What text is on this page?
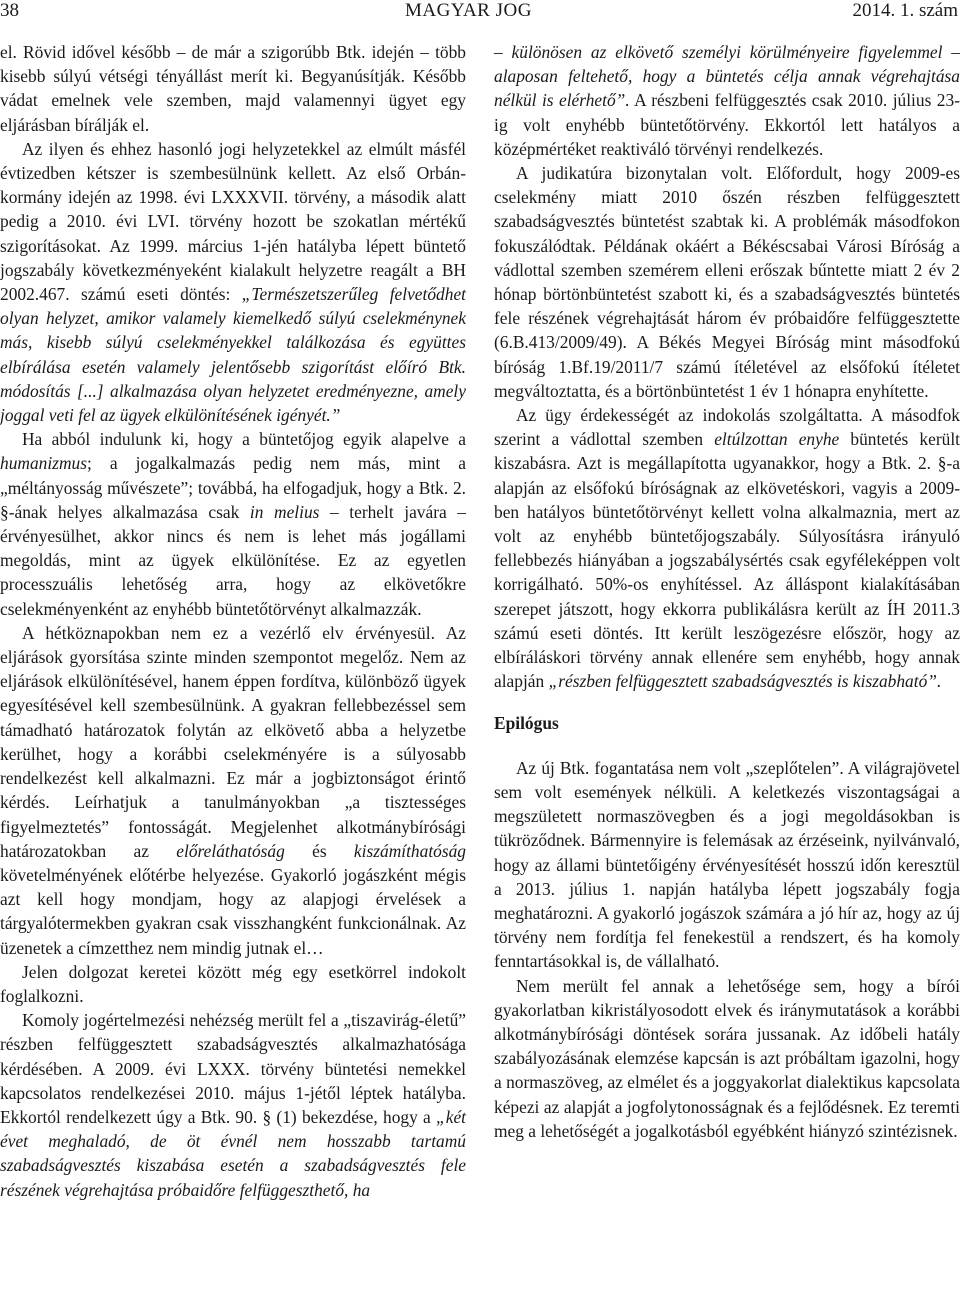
38	MAGYAR JOG	2014. 1. szám

el. Rövid idővel később – de már a szigorúbb Btk. idején – több kisebb súlyú vétségi tényállást merít ki. Begyanúsítják. Később vádat emelnek vele szemben, majd valamennyi ügyet egy eljárásban bírálják el.

Az ilyen és ehhez hasonló jogi helyzetekkel az elmúlt másfél évtizedben kétszer is szembesülnünk kellett. Az első Orbán-kormány idején az 1998. évi LXXXVII. törvény, a második alatt pedig a 2010. évi LVI. törvény hozott be szokatlan mértékű szigorításokat. Az 1999. március 1-jén hatályba lépett büntető jogszabály következményeként kialakult helyzetre reagált a BH 2002.467. számú eseti döntés: „Természetszerűleg felvetődhet olyan helyzet, amikor valamely kiemelkedő súlyú cselekménynek más, kisebb súlyú cselekményekkel találkozása és együttes elbírálása esetén valamely jelentősebb szigorítást előíró Btk. módosítás [...] alkalmazása olyan helyzetet eredményezne, amely joggal veti fel az ügyek elkülönítésének igényét.”

Ha abból indulunk ki, hogy a büntetőjog egyik alapelve a humanizmus; a jogalkalmazás pedig nem más, mint a „méltányosság művészete”; továbbá, ha elfogadjuk, hogy a Btk. 2. §-ának helyes alkalmazása csak in melius – terhelt javára – érvényesülhet, akkor nincs és nem is lehet más jogállami megoldás, mint az ügyek elkülönítése. Ez az egyetlen processzuális lehetőség arra, hogy az elkövetőkre cselekményenként az enyhébb büntetőtörvényt alkalmazzák.

A hétköznapokban nem ez a vezérlő elv érvényesül. Az eljárások gyorsítása szinte minden szempontot megelőz. Nem az eljárások elkülönítésével, hanem éppen fordítva, különböző ügyek egyesítésével kell szembesülnünk. A gyakran fellebbezéssel sem támadható határozatok folytán az elkövető abba a helyzetbe kerülhet, hogy a korábbi cselekményére is a súlyosabb rendelkezést kell alkalmazni. Ez már a jogbiztonságot érintő kérdés. Leírhatjuk a tanulmányokban „a tisztességes figyelmeztetés” fontosságát. Megjelenhet alkotmánybírósági határozatokban az előreláthatóság és kiszámíthatóság követelményének előtérbe helyezése. Gyakorló jogászként mégis azt kell hogy mondjam, hogy az alapjogi érvelések a tárgyalótermekben gyakran csak visszhangként funkcionálnak. Az üzenetek a címzetthez nem mindig jutnak el…

Jelen dolgozat keretei között még egy esetkörrel indokolt foglalkozni.

Komoly jogértelmezési nehézség merült fel a „tiszavirág-életű” részben felfüggesztett szabadságvesztés alkalmazhatósága kérdésében. A 2009. évi LXXX. törvény büntetési nemekkel kapcsolatos rendelkezései 2010. május 1-jétől léptek hatályba. Ekkortól rendelkezett úgy a Btk. 90. § (1) bekezdése, hogy a „két évet meghaladó, de öt évnél nem hosszabb tartamú szabadságvesztés kiszabása esetén a szabadságvesztés fele részének végrehajtása próbaidőre felfüggeszthető, ha

– különösen az elkövető személyi körülményeire figyelemmel – alaposan feltehető, hogy a büntetés célja annak végrehajtása nélkül is elérhető”. A részbeni felfüggesztés csak 2010. július 23-ig volt enyhébb büntetőtörvény. Ekkortól lett hatályos a középmértéket reaktiváló törvényi rendelkezés.

A judikatúra bizonytalan volt. Előfordult, hogy 2009-es cselekmény miatt 2010 őszén részben felfüggesztett szabadságvesztés büntetést szabtak ki. A problémák másodfokon fokuszálódtak. Példának okáért a Békéscsabai Városi Bíróság a vádlottal szemben szemérem elleni erőszak bűntette miatt 2 év 2 hónap börtönbüntetést szabott ki, és a szabadságvesztés büntetés fele részének végrehajtását három év próbaidőre felfüggesztette (6.B.413/2009/49). A Békés Megyei Bíróság mint másodfokú bíróság 1.Bf.19/2011/7 számú ítéletével az elsőfokú ítéletet megváltoztatta, és a börtönbüntetést 1 év 1 hónapra enyhítette.

Az ügy érdekességét az indokolás szolgáltatta. A másodfok szerint a vádlottal szemben eltúlzottan enyhe büntetés került kiszabásra. Azt is megállapította ugyanakkor, hogy a Btk. 2. §-a alapján az elsőfokú bíróságnak az elkövetéskori, vagyis a 2009-ben hatályos büntetőtörvényt kellett volna alkalmaznia, mert az volt az enyhébb büntetőjogszabály. Súlyosításra irányuló fellebbezés hiányában a jogszabálysértés csak egyféleképpen volt korrigálható. 50%-os enyhítéssel. Az álláspont kialakításában szerepet játszott, hogy ekkorra publikálásra került az ÍH 2011.3 számú eseti döntés. Itt került leszögezésre először, hogy az elbíráláskori törvény annak ellenére sem enyhébb, hogy annak alapján „részben felfüggesztett szabadságvesztés is kiszabható”.

Epilógus

Az új Btk. fogantatása nem volt „szeplőtelen”. A világrajövetel sem volt események nélküli. A keletkezés viszontagságai a megszületett normaszövegben és a jogi megoldásokban is tükröződnek. Bármennyire is felemásak az érzéseink, nyilvánvaló, hogy az állami büntetőigény érvényesítését hosszú időn keresztül a 2013. július 1. napján hatályba lépett jogszabály fogja meghatározni. A gyakorló jogászok számára a jó hír az, hogy az új törvény nem fordítja fel fenekestül a rendszert, és ha komoly fenntartásokkal is, de vállalható.

Nem merült fel annak a lehetősége sem, hogy a bírói gyakorlatban kikristályosodott elvek és iránymutatások a korábbi alkotmánybírósági döntések sorára jussanak. Az időbeli hatály szabályozásának elemzése kapcsán is azt próbáltam igazolni, hogy a normaszöveg, az elmélet és a joggyakorlat dialektikus kapcsolata képezi az alapját a jogfolytonosságnak és a fejlődésnek. Ez teremti meg a lehetőségét a jogalkotásból egyébként hiányzó szintézisnek.
